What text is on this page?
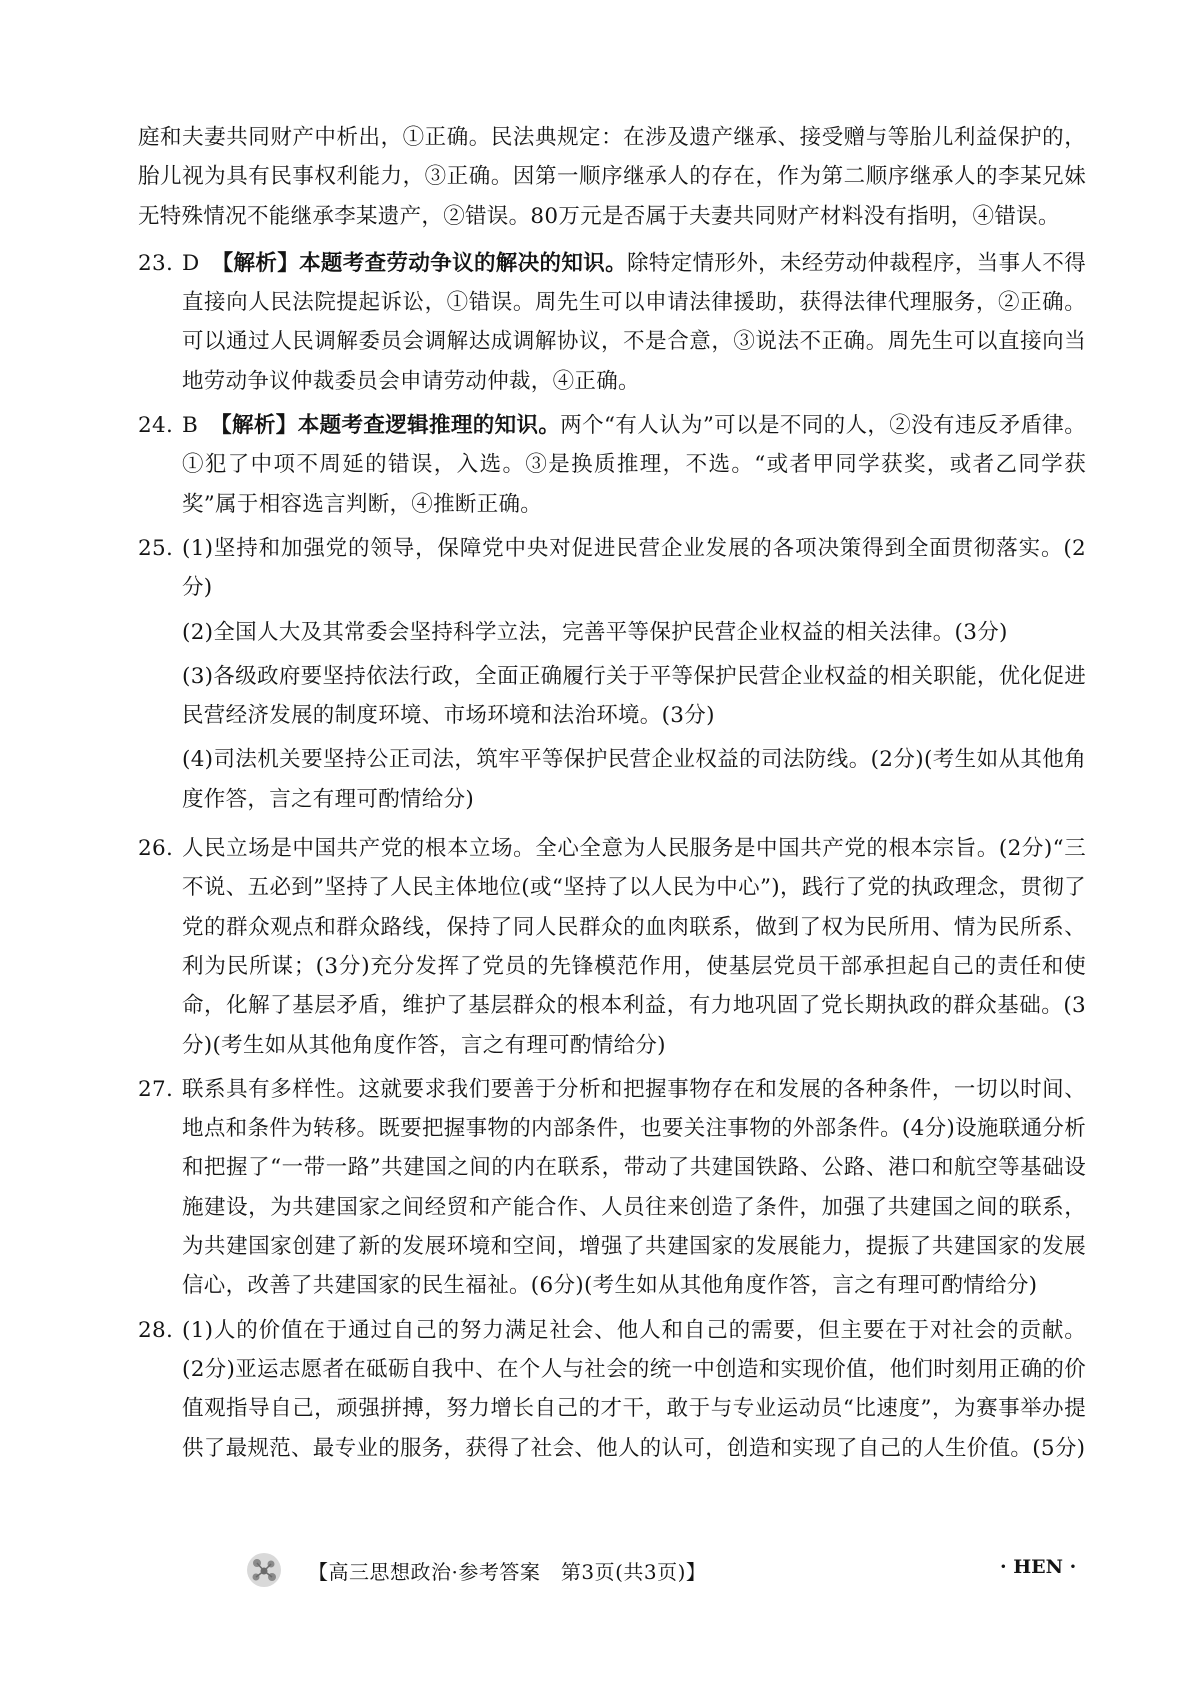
庭和夫妻共同财产中析出，①正确。民法典规定：在涉及遗产继承、接受赠与等胎儿利益保护的，胎儿视为具有民事权利能力，③正确。因第一顺序继承人的存在，作为第二顺序继承人的李某兄妹无特殊情况不能继承李某遗产，②错误。80万元是否属于夫妻共同财产材料没有指明，④错误。

23. D 【解析】本题考查劳动争议的解决的知识。除特定情形外，未经劳动仲裁程序，当事人不得直接向人民法院提起诉讼，①错误。周先生可以申请法律援助，获得法律代理服务，②正确。可以通过人民调解委员会调解达成调解协议，不是合意，③说法不正确。周先生可以直接向当地劳动争议仲裁委员会申请劳动仲裁，④正确。
24. B 【解析】本题考查逻辑推理的知识。两个“有人认为”可以是不同的人，②没有违反矛盾律。①犯了中项不周延的错误，入选。③是换质推理，不选。“或者甲同学获奖，或者乙同学获奖”属于相容选言判断，④推断正确。
25. (1)坚持和加强党的领导，保障党中央对促进民营企业发展的各项决策得到全面贯彻落实。(2分)
(2)全国人大及其常委会坚持科学立法，完善平等保护民营企业权益的相关法律。(3分)
(3)各级政府要坚持依法行政，全面正确履行关于平等保护民营企业权益的相关职能，优化促进民营经济发展的制度环境、市场环境和法治环境。(3分)
(4)司法机关要坚持公正司法，筑牢平等保护民营企业权益的司法防线。(2分)(考生如从其他角度作答，言之有理可酌情给分)
26. 人民立场是中国共产党的根本立场。全心全意为人民服务是中国共产党的根本宗旨。(2分)“三不说、五必到”坚持了人民主体地位(或“坚持了以人民为中心”)，践行了党的执政理念，贯彻了党的群众观点和群众路线，保持了同人民群众的血肉联系，做到了权为民所用、情为民所系、利为民所谋；(3分)充分发挥了党员的先锋模范作用，使基层党员干部承担起自己的责任和使命，化解了基层矛盾，维护了基层群众的根本利益，有力地巩固了党长期执政的群众基础。(3分)(考生如从其他角度作答，言之有理可酌情给分)
27. 联系具有多样性。这就要求我们要善于分析和把握事物存在和发展的各种条件，一切以时间、地点和条件为转移。既要把握事物的内部条件，也要关注事物的外部条件。(4分)设施联通分析和把握了“一带一路”共建国之间的内在联系，带动了共建国铁路、公路、港口和航空等基础设施建设，为共建国家之间经贸和产能合作、人员往来创造了条件，加强了共建国之间的联系，为共建国家创建了新的发展环境和空间，增强了共建国家的发展能力，提振了共建国家的发展信心，改善了共建国家的民生福祉。(6分)(考生如从其他角度作答，言之有理可酌情给分)
28. (1)人的价值在于通过自己的努力满足社会、他人和自己的需要，但主要在于对社会的贡献。(2分)亚运志愿者在砥砺自我中、在个人与社会的统一中创造和实现价值，他们时刻用正确的价值观指导自己，顽强拼搏，努力增长自己的才干，敢于与专业运动员“比速度”，为赛事举办提供了最规范、最专业的服务，获得了社会、他人的认可，创造和实现了自己的人生价值。(5分)
【高三思想政治·参考答案　第3页(共3页)】	· HEN ·
